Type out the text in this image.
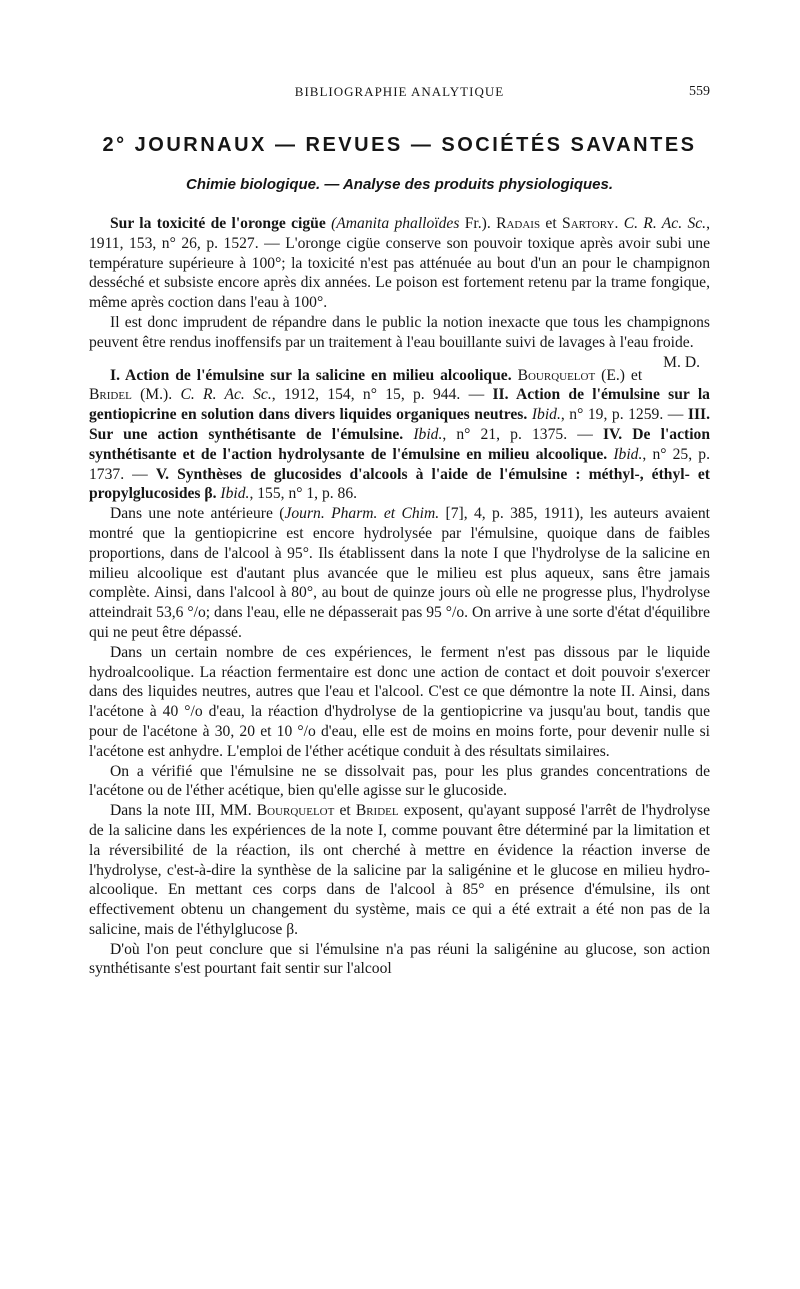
BIBLIOGRAPHIE ANALYTIQUE	559
2° JOURNAUX — REVUES — SOCIÉTÉS SAVANTES
Chimie biologique. — Analyse des produits physiologiques.

Sur la toxicité de l'oronge cigüe (Amanita phalloïdes Fr.). Radais et Sartory. C. R. Ac. Sc., 1911, 153, n° 26, p. 1527. — L'oronge cigüe conserve son pouvoir toxique après avoir subi une température supérieure à 100°; la toxicité n'est pas atténuée au bout d'un an pour le champignon desséché et subsiste encore après dix années. Le poison est fortement retenu par la trame fongique, même après coction dans l'eau à 100°.

Il est donc imprudent de répandre dans le public la notion inexacte que tous les champignons peuvent être rendus inoffensifs par un traitement à l'eau bouillante suivi de lavages à l'eau froide.
M. D.

I. Action de l'émulsine sur la salicine en milieu alcoolique. Bourquelot (E.) et Bridel (M.). C. R. Ac. Sc., 1912, 154, n° 15, p. 944. — II. Action de l'émulsine sur la gentiopicrine en solution dans divers liquides organiques neutres. Ibid., n° 19, p. 1259. — III. Sur une action synthétisante de l'émulsine. Ibid., n° 21, p. 1375. — IV. De l'action synthétisante et de l'action hydrolysante de l'émulsine en milieu alcoolique. Ibid., n° 25, p. 1737. — V. Synthèses de glucosides d'alcools à l'aide de l'émulsine : méthyl-, éthyl- et propylglucosides β. Ibid., 155, n° 1, p. 86.

Dans une note antérieure (Journ. Pharm. et Chim. [7], 4, p. 385, 1911), les auteurs avaient montré que la gentiopicrine est encore hydrolysée par l'émulsine, quoique dans de faibles proportions, dans de l'alcool à 95°. Ils établissent dans la note I que l'hydrolyse de la salicine en milieu alcoolique est d'autant plus avancée que le milieu est plus aqueux, sans être jamais complète. Ainsi, dans l'alcool à 80°, au bout de quinze jours où elle ne progresse plus, l'hydrolyse atteindrait 53,6 °/o; dans l'eau, elle ne dépasserait pas 95 °/o. On arrive à une sorte d'état d'équilibre qui ne peut être dépassé.

Dans un certain nombre de ces expériences, le ferment n'est pas dissous par le liquide hydroalcoolique. La réaction fermentaire est donc une action de contact et doit pouvoir s'exercer dans des liquides neutres, autres que l'eau et l'alcool. C'est ce que démontre la note II. Ainsi, dans l'acétone à 40 °/o d'eau, la réaction d'hydrolyse de la gentiopicrine va jusqu'au bout, tandis que pour de l'acétone à 30, 20 et 10 °/o d'eau, elle est de moins en moins forte, pour devenir nulle si l'acétone est anhydre. L'emploi de l'éther acétique conduit à des résultats similaires.

On a vérifié que l'émulsine ne se dissolvait pas, pour les plus grandes concentrations de l'acétone ou de l'éther acétique, bien qu'elle agisse sur le glucoside.

Dans la note III, MM. Bourquelot et Bridel exposent, qu'ayant supposé l'arrêt de l'hydrolyse de la salicine dans les expériences de la note I, comme pouvant être déterminé par la limitation et la réversibilité de la réaction, ils ont cherché à mettre en évidence la réaction inverse de l'hydrolyse, c'est-à-dire la synthèse de la salicine par la saligénine et le glucose en milieu hydro-alcoolique. En mettant ces corps dans de l'alcool à 85° en présence d'émulsine, ils ont effectivement obtenu un changement du système, mais ce qui a été extrait a été non pas de la salicine, mais de l'éthylglucose β.

D'où l'on peut conclure que si l'émulsine n'a pas réuni la saligénine au glucose, son action synthétisante s'est pourtant fait sentir sur l'alcool
